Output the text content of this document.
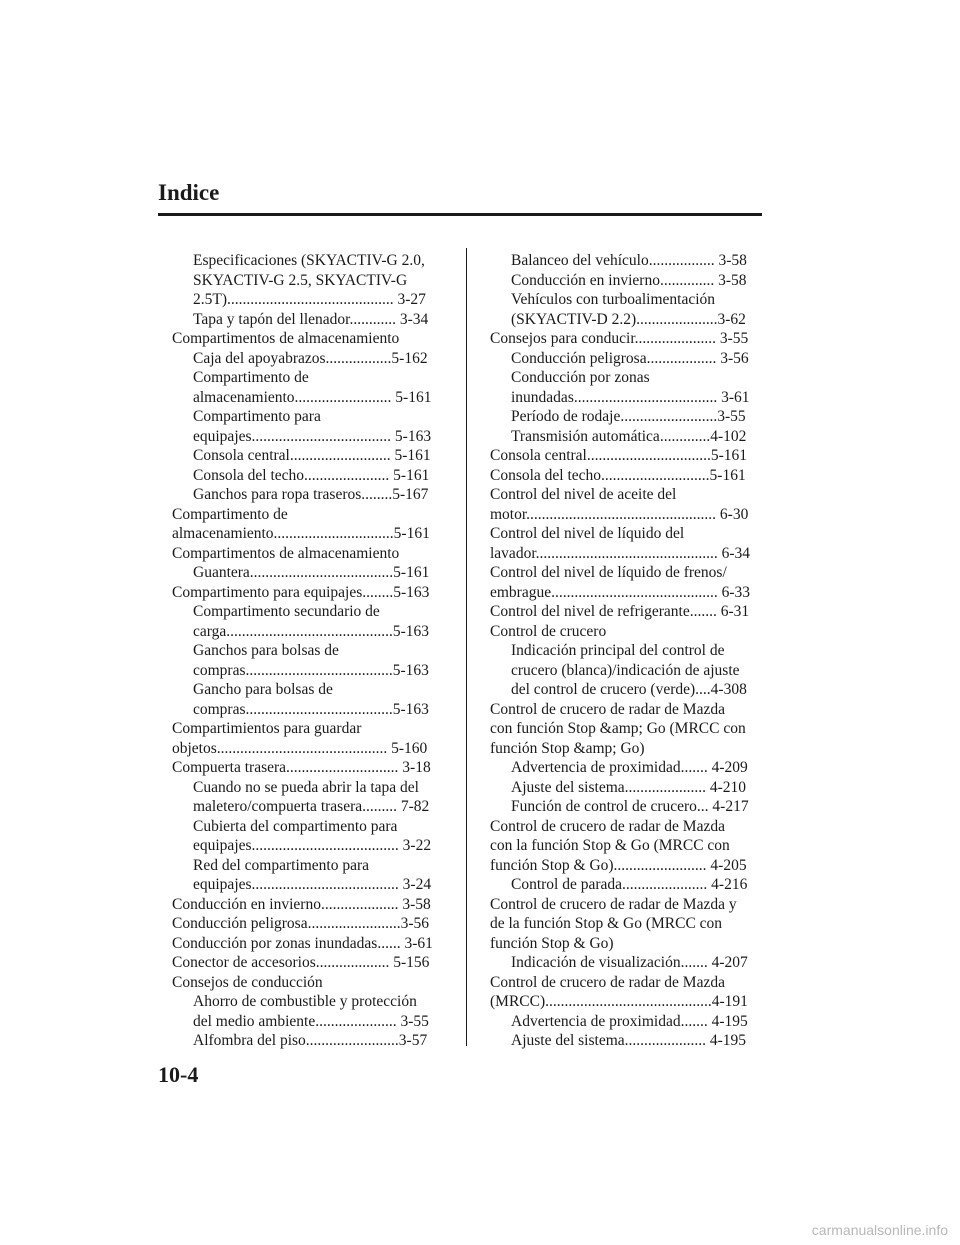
Indice
Especificaciones (SKYACTIV-G 2.0,
SKYACTIV-G 2.5, SKYACTIV-G
2.5T)........................................... 3-27
Tapa y tapón del llenador............ 3-34
Compartimentos de almacenamiento
Caja del apoyabrazos.................5-162
Compartimento de
almacenamiento......................... 5-161
Compartimento para
equipajes.................................... 5-163
Consola central.......................... 5-161
Consola del techo...................... 5-161
Ganchos para ropa traseros........5-167
Compartimento de
almacenamiento...............................5-161
Compartimentos de almacenamiento
Guantera.....................................5-161
Compartimento para equipajes........5-163
Compartimento secundario de
carga...........................................5-163
Ganchos para bolsas de
compras......................................5-163
Gancho para bolsas de
compras......................................5-163
Compartimientos para guardar
objetos............................................ 5-160
Compuerta trasera............................. 3-18
Cuando no se pueda abrir la tapa del
maletero/compuerta trasera......... 7-82
Cubierta del compartimento para
equipajes...................................... 3-22
Red del compartimento para
equipajes...................................... 3-24
Conducción en invierno.................... 3-58
Conducción peligrosa........................3-56
Conducción por zonas inundadas...... 3-61
Conector de accesorios................... 5-156
Consejos de conducción
Ahorro de combustible y protección
del medio ambiente..................... 3-55
Alfombra del piso........................3-57
Balanceo del vehículo................. 3-58
Conducción en invierno.............. 3-58
Vehículos con turboalimentación
(SKYACTIV-D 2.2).....................3-62
Consejos para conducir..................... 3-55
Conducción peligrosa.................. 3-56
Conducción por zonas
inundadas..................................... 3-61
Período de rodaje.........................3-55
Transmisión automática.............4-102
Consola central................................5-161
Consola del techo............................5-161
Control del nivel de aceite del
motor................................................. 6-30
Control del nivel de líquido del
lavador............................................... 6-34
Control del nivel de líquido de frenos/
embrague........................................... 6-33
Control del nivel de refrigerante....... 6-31
Control de crucero
Indicación principal del control de
crucero (blanca)/indicación de ajuste
del control de crucero (verde)....4-308
Control de crucero de radar de Mazda
con función Stop &amp; Go (MRCC con
función Stop &amp; Go)
Advertencia de proximidad....... 4-209
Ajuste del sistema..................... 4-210
Función de control de crucero... 4-217
Control de crucero de radar de Mazda
con la función Stop & Go (MRCC con
función Stop & Go)........................ 4-205
Control de parada...................... 4-216
Control de crucero de radar de Mazda y
de la función Stop & Go (MRCC con
función Stop & Go)
Indicación de visualización....... 4-207
Control de crucero de radar de Mazda
(MRCC)...........................................4-191
Advertencia de proximidad....... 4-195
Ajuste del sistema..................... 4-195
10-4
carmanualsonline.info
